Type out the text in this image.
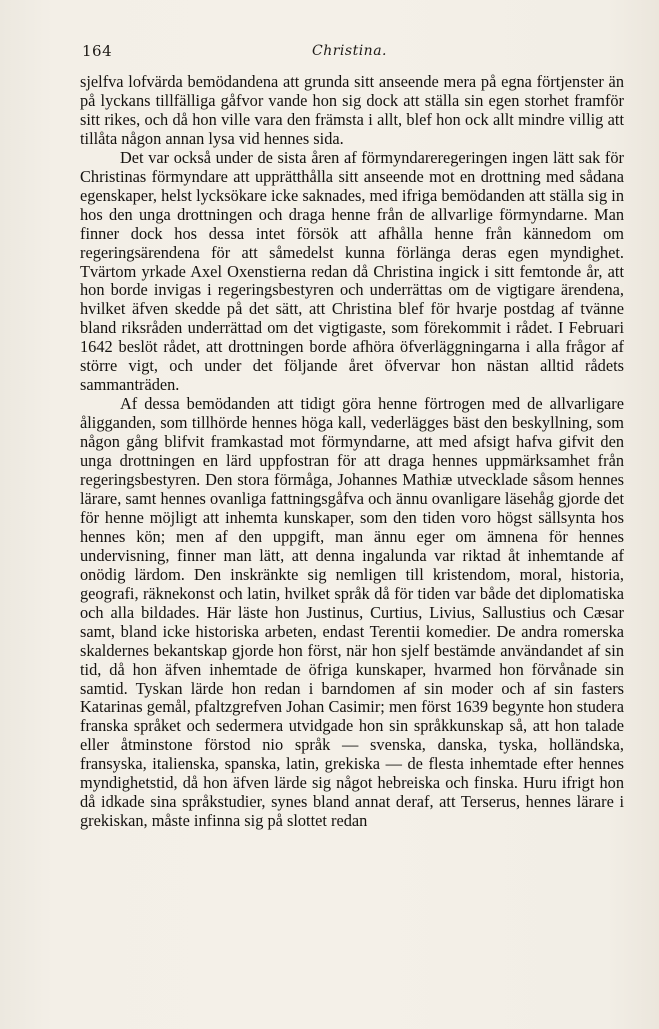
164	Christina.

sjelfva lofvärda bemödandena att grunda sitt anseende mera på egna förtjenster än på lyckans tillfälliga gåfvor vande hon sig dock att ställa sin egen storhet framför sitt rikes, och då hon ville vara den främsta i allt, blef hon ock allt mindre villig att tillåta någon annan lysa vid hennes sida.

Det var också under de sista åren af förmyndareregeringen ingen lätt sak för Christinas förmyndare att upprätthålla sitt anseende mot en drottning med sådana egenskaper, helst lycksökare icke saknades, med ifriga bemödanden att ställa sig in hos den unga drottningen och draga henne från de allvarlige förmyndarne. Man finner dock hos dessa intet försök att afhålla henne från kännedom om regeringsärendena för att såmedelst kunna förlänga deras egen myndighet. Tvärtom yrkade Axel Oxenstierna redan då Christina ingick i sitt femtonde år, att hon borde invigas i regeringsbestyren och underrättas om de vigtigare ärendena, hvilket äfven skedde på det sätt, att Christina blef för hvarje postdag af tvänne bland riksråden underrättad om det vigtigaste, som förekommit i rådet. I Februari 1642 beslöt rådet, att drottningen borde afhöra öfverläggningarna i alla frågor af större vigt, och under det följande året öfvervar hon nästan alltid rådets sammanträden.

Af dessa bemödanden att tidigt göra henne förtrogen med de allvarligare åligganden, som tillhörde hennes höga kall, vederlägges bäst den beskyllning, som någon gång blifvit framkastad mot förmyndarne, att med afsigt hafva gifvit den unga drottningen en lärd uppfostran för att draga hennes uppmärksamhet från regeringsbestyren. Den stora förmåga, Johannes Mathiæ utvecklade såsom hennes lärare, samt hennes ovanliga fattningsgåfva och ännu ovanligare läsehåg gjorde det för henne möjligt att inhemta kunskaper, som den tiden voro högst sällsynta hos hennes kön; men af den uppgift, man ännu eger om ämnena för hennes undervisning, finner man lätt, att denna ingalunda var riktad åt inhemtande af onödig lärdom. Den inskränkte sig nemligen till kristendom, moral, historia, geografi, räknekonst och latin, hvilket språk då för tiden var både det diplomatiska och alla bildades. Här läste hon Justinus, Curtius, Livius, Sallustius och Cæsar samt, bland icke historiska arbeten, endast Terentii komedier. De andra romerska skaldernes bekantskap gjorde hon först, när hon sjelf bestämde användandet af sin tid, då hon äfven inhemtade de öfriga kunskaper, hvarmed hon förvånade sin samtid. Tyskan lärde hon redan i barndomen af sin moder och af sin fasters Katarinas gemål, pfaltzgrefven Johan Casimir; men först 1639 begynte hon studera franska språket och sedermera utvidgade hon sin språkkunskap så, att hon talade eller åtminstone förstod nio språk — svenska, danska, tyska, holländska, fransyska, italienska, spanska, latin, grekiska — de flesta inhemtade efter hennes myndighetstid, då hon äfven lärde sig något hebreiska och finska. Huru ifrigt hon då idkade sina språkstudier, synes bland annat deraf, att Terserus, hennes lärare i grekiskan, måste infinna sig på slottet redan
